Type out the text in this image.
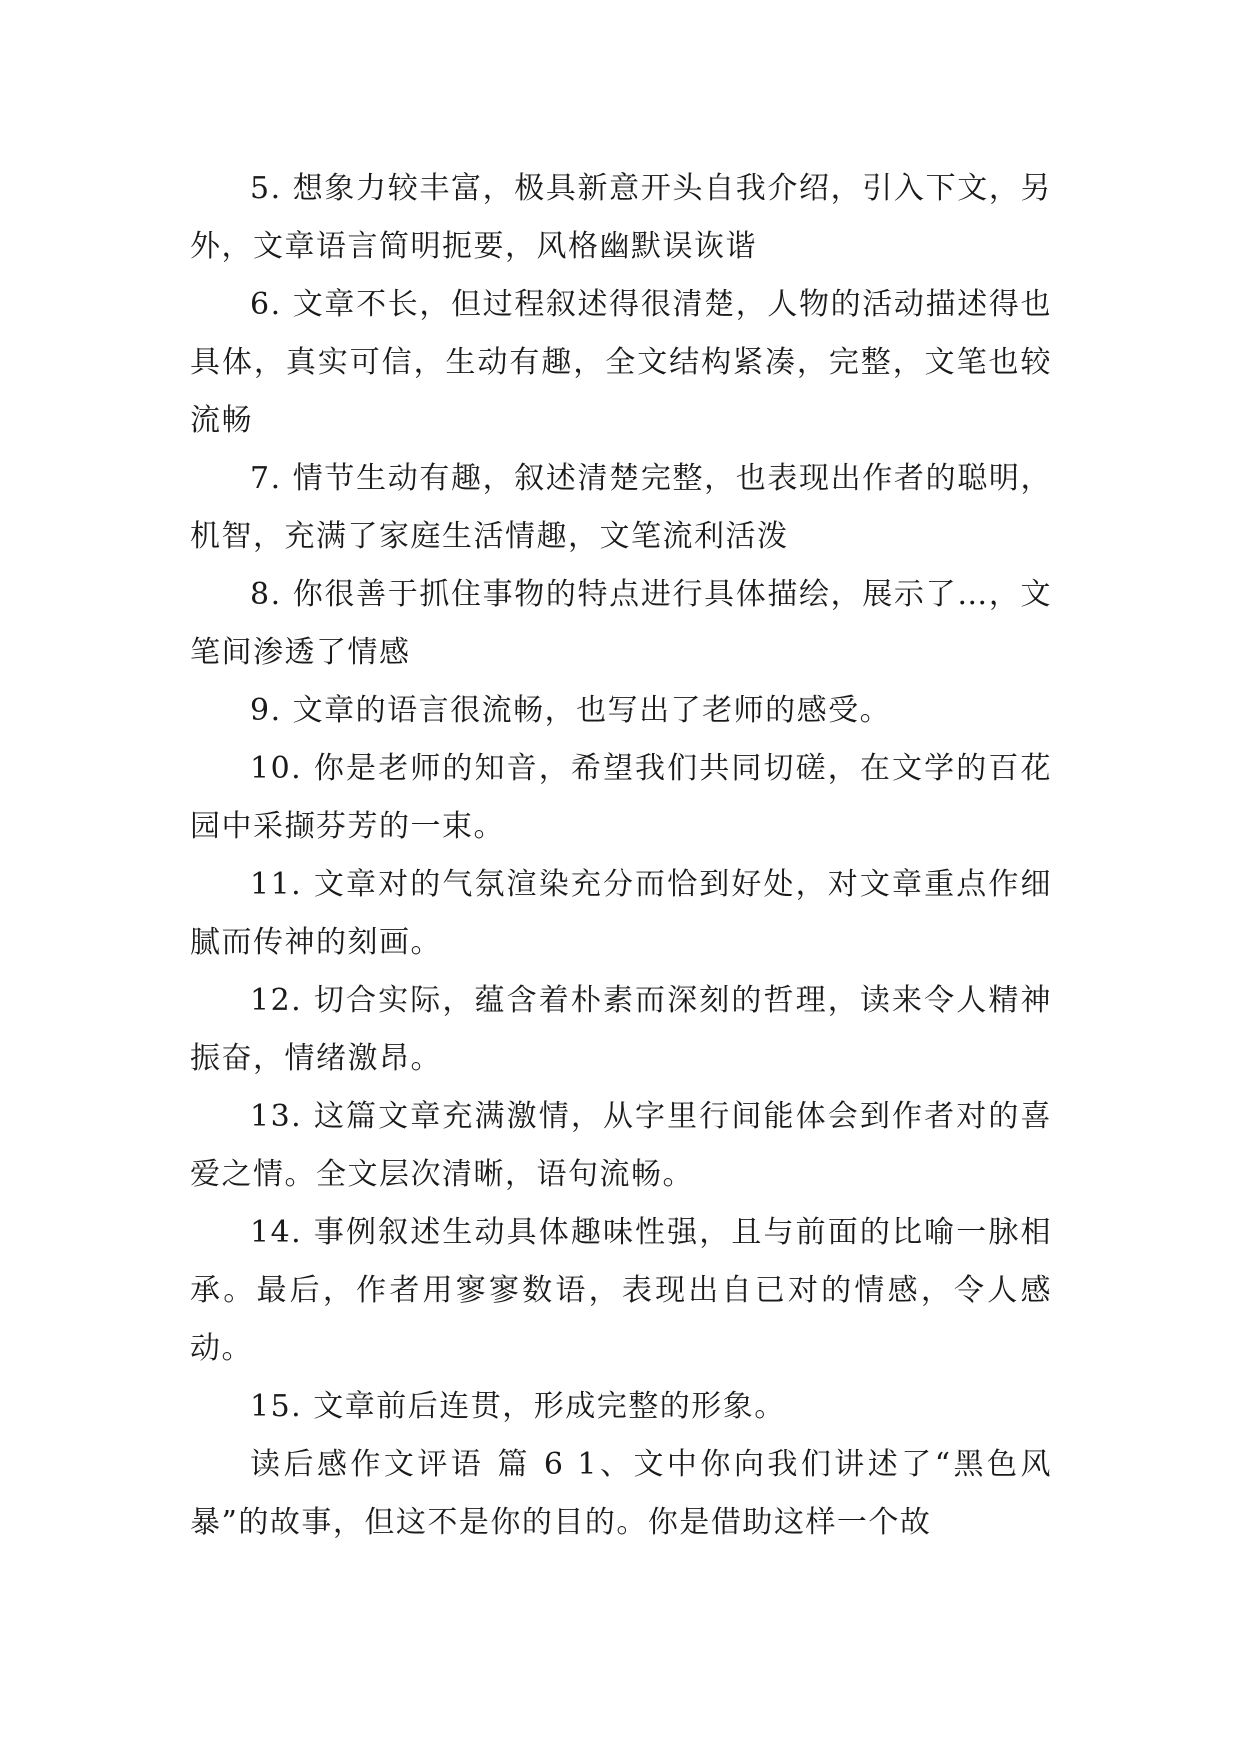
5. 想象力较丰富，极具新意开头自我介绍，引入下文，另外，文章语言简明扼要，风格幽默误诙谐

6. 文章不长，但过程叙述得很清楚，人物的活动描述得也具体，真实可信，生动有趣，全文结构紧凑，完整，文笔也较流畅

7. 情节生动有趣，叙述清楚完整，也表现出作者的聪明，机智，充满了家庭生活情趣，文笔流利活泼

8. 你很善于抓住事物的特点进行具体描绘，展示了…，文笔间渗透了情感

9. 文章的语言很流畅，也写出了老师的感受。

10. 你是老师的知音，希望我们共同切磋，在文学的百花园中采撷芬芳的一束。

11. 文章对的气氛渲染充分而恰到好处，对文章重点作细腻而传神的刻画。

12. 切合实际，蕴含着朴素而深刻的哲理，读来令人精神振奋，情绪激昂。

13. 这篇文章充满激情，从字里行间能体会到作者对的喜爱之情。全文层次清晰，语句流畅。

14. 事例叙述生动具体趣味性强，且与前面的比喻一脉相承。最后，作者用寥寥数语，表现出自已对的情感，令人感动。

15. 文章前后连贯，形成完整的形象。

读后感作文评语 篇 6 1、文中你向我们讲述了“黑色风暴”的故事，但这不是你的目的。你是借助这样一个故
